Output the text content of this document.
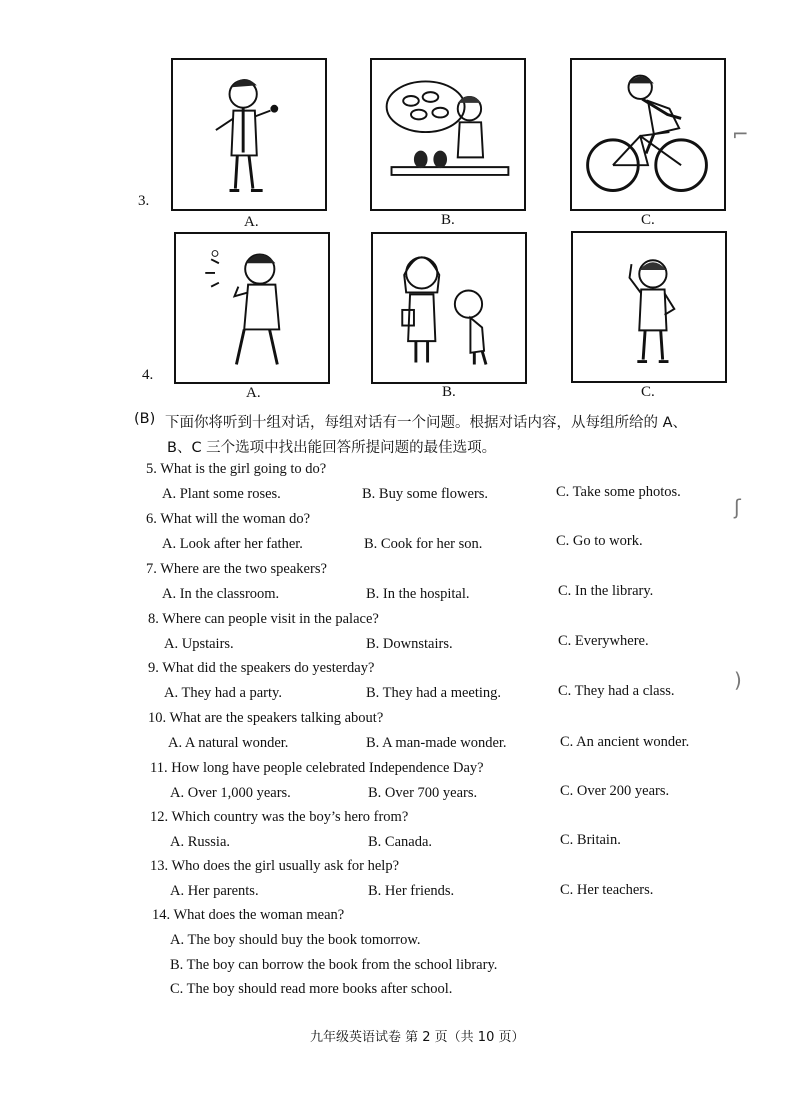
3.
A.	B.	C.
4.
A.	B.	C.
(B) 下面你将听到十组对话，每组对话有一个问题。根据对话内容，从每组所给的 A、
B、C 三个选项中找出能回答所提问题的最佳选项。
5. What is the girl going to do?
A. Plant some roses.	B. Buy some flowers.	C. Take some photos.
6. What will the woman do?
A. Look after her father.	B. Cook for her son.	C. Go to work.
7. Where are the two speakers?
A. In the classroom.	B. In the hospital.	C. In the library.
8. Where can people visit in the palace?
A. Upstairs.	B. Downstairs.	C. Everywhere.
9. What did the speakers do yesterday?
A. They had a party.	B. They had a meeting.	C. They had a class.
10. What are the speakers talking about?
A. A natural wonder.	B. A man-made wonder.	C. An ancient wonder.
11. How long have people celebrated Independence Day?
A. Over 1,000 years.	B. Over 700 years.	C. Over 200 years.
12. Which country was the boy’s hero from?
A. Russia.	B. Canada.	C. Britain.
13. Who does the girl usually ask for help?
A. Her parents.	B. Her friends.	C. Her teachers.
14. What does the woman mean?
A. The boy should buy the book tomorrow.
B. The boy can borrow the book from the school library.
C. The boy should read more books after school.
九年级英语试卷 第 2 页（共 10 页）
⌐
ʃ
)
